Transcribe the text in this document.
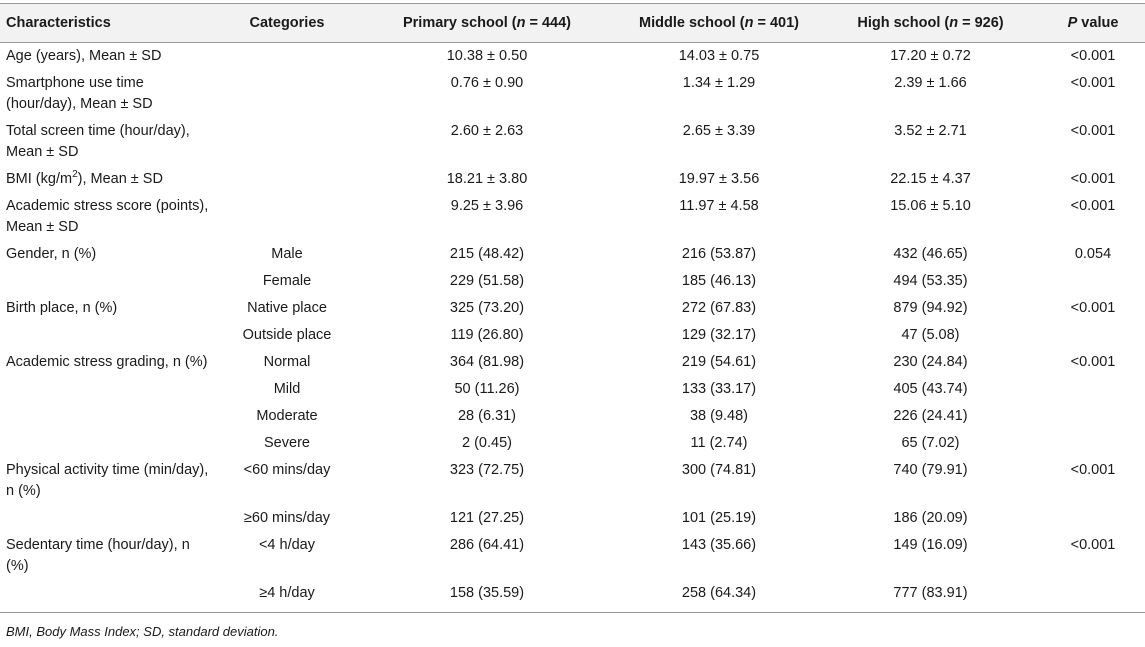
Characteristics	Categories	Primary school (n = 444)	Middle school (n = 401)	High school (n = 926)	P value
Age (years), Mean ± SD		10.38 ± 0.50	14.03 ± 0.75	17.20 ± 0.72	<0.001
Smartphone use time (hour/day), Mean ± SD		0.76 ± 0.90	1.34 ± 1.29	2.39 ± 1.66	<0.001
Total screen time (hour/day), Mean ± SD		2.60 ± 2.63	2.65 ± 3.39	3.52 ± 2.71	<0.001
BMI $(kg/m^2)$, Mean ± SD		18.21 ± 3.80	19.97 ± 3.56	22.15 ± 4.37	<0.001
Academic stress score (points), Mean ± SD		9.25 ± 3.96	11.97 ± 4.58	15.06 ± 5.10	<0.001
Gender, n (%)	Male	215 (48.42)	216 (53.87)	432 (46.65)	0.054
	Female	229 (51.58)	185 (46.13)	494 (53.35)	
Birth place, n (%)	Native place	325 (73.20)	272 (67.83)	879 (94.92)	<0.001
	Outside place	119 (26.80)	129 (32.17)	47 (5.08)	
Academic stress grading, n (%)	Normal	364 (81.98)	219 (54.61)	230 (24.84)	<0.001
	Mild	50 (11.26)	133 (33.17)	405 (43.74)	
	Moderate	28 (6.31)	38 (9.48)	226 (24.41)	
	Severe	2 (0.45)	11 (2.74)	65 (7.02)	
Physical activity time (min/day), n (%)	<60 mins/day	323 (72.75)	300 (74.81)	740 (79.91)	<0.001
	≥60 mins/day	121 (27.25)	101 (25.19)	186 (20.09)	
Sedentary time (hour/day), n (%)	<4 h/day	286 (64.41)	143 (35.66)	149 (16.09)	<0.001
	≥4 h/day	158 (35.59)	258 (64.34)	777 (83.91)	
BMI, Body Mass Index; SD, standard deviation.
